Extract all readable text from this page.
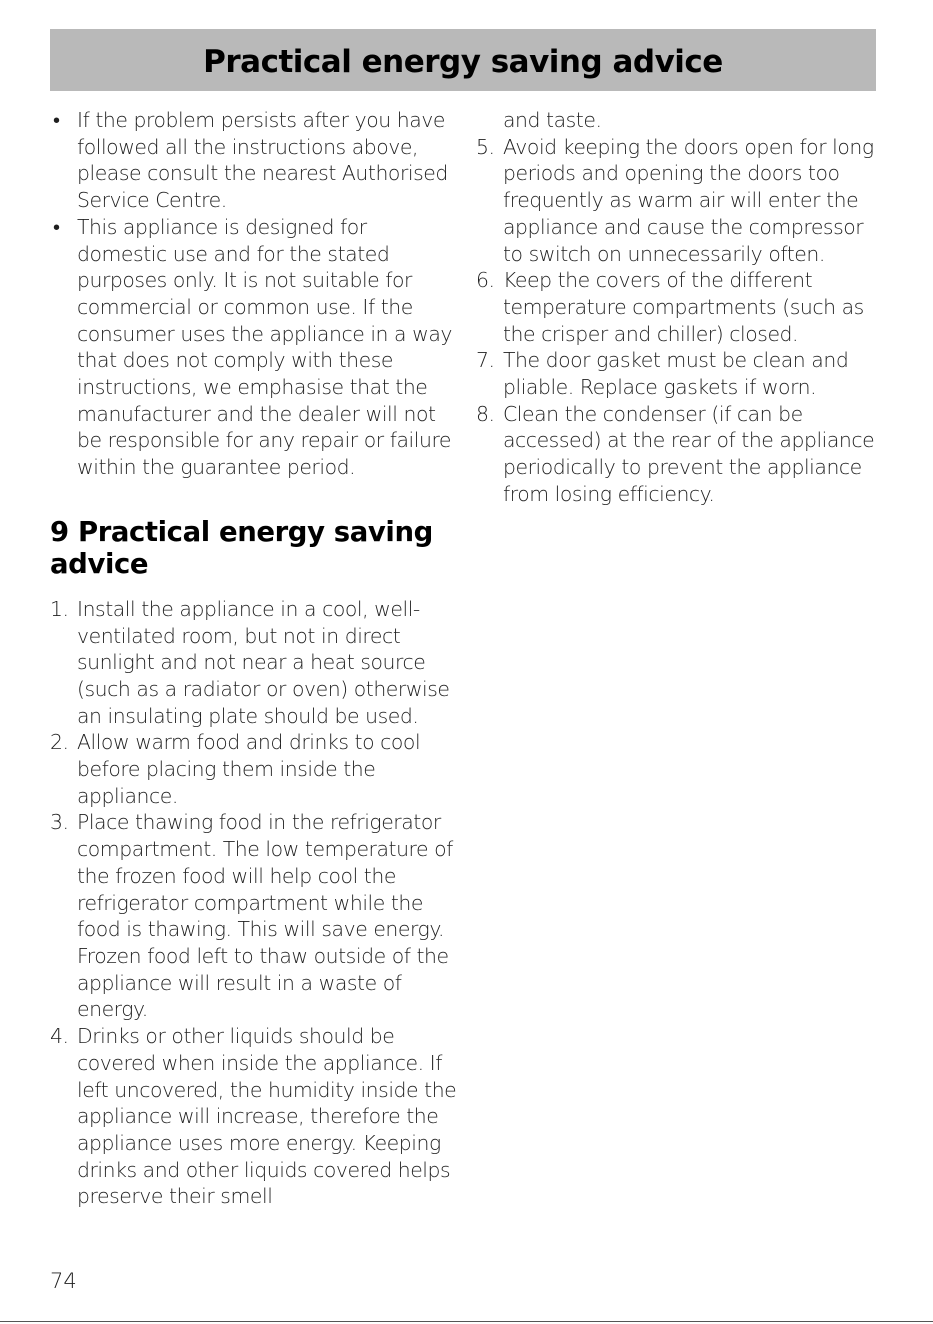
Practical energy saving advice
• If the problem persists after you have followed all the instructions above, please consult the nearest Authorised Service Centre.
• This appliance is designed for domestic use and for the stated purposes only. It is not suitable for commercial or common use. If the consumer uses the appliance in a way that does not comply with these instructions, we emphasise that the manufacturer and the dealer will not be responsible for any repair or failure within the guarantee period.
9 Practical energy saving advice
1. Install the appliance in a cool, well-ventilated room, but not in direct sunlight and not near a heat source (such as a radiator or oven) otherwise an insulating plate should be used.
2. Allow warm food and drinks to cool before placing them inside the appliance.
3. Place thawing food in the refrigerator compartment. The low temperature of the frozen food will help cool the refrigerator compartment while the food is thawing. This will save energy. Frozen food left to thaw outside of the appliance will result in a waste of energy.
4. Drinks or other liquids should be covered when inside the appliance. If left uncovered, the humidity inside the appliance will increase, therefore the appliance uses more energy. Keeping drinks and other liquids covered helps preserve their smell
and taste.
5. Avoid keeping the doors open for long periods and opening the doors too frequently as warm air will enter the appliance and cause the compressor to switch on unnecessarily often.
6. Keep the covers of the different temperature compartments (such as the crisper and chiller) closed.
7. The door gasket must be clean and pliable. Replace gaskets if worn.
8. Clean the condenser (if can be accessed) at the rear of the appliance periodically to prevent the appliance from losing efficiency.
74
